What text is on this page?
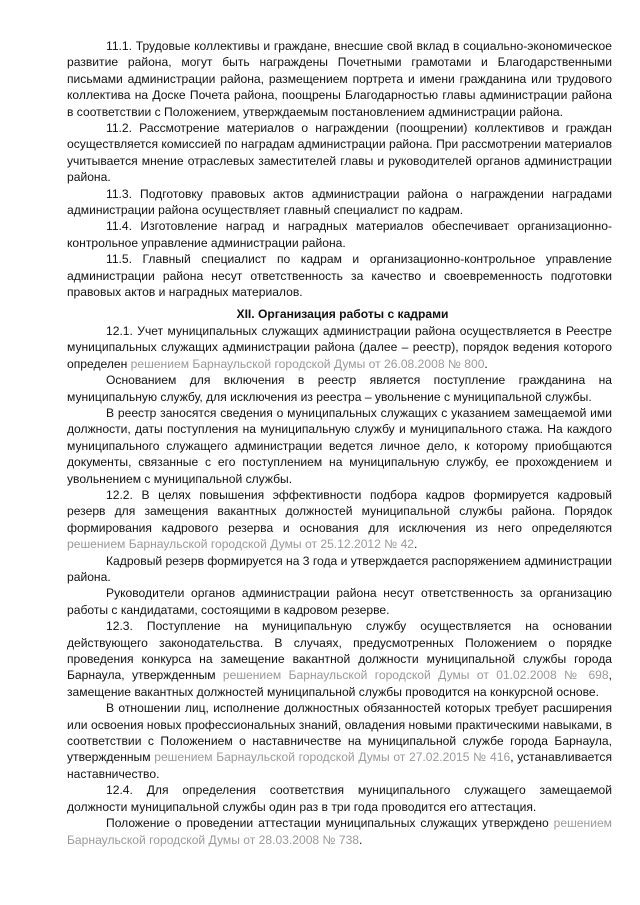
11.1. Трудовые коллективы и граждане, внесшие свой вклад в социально-экономическое развитие района, могут быть награждены Почетными грамотами и Благодарственными письмами администрации района, размещением портрета и имени гражданина или трудового коллектива на Доске Почета района, поощрены Благодарностью главы администрации района в соответствии с Положением, утверждаемым постановлением администрации района.

11.2. Рассмотрение материалов о награждении (поощрении) коллективов и граждан осуществляется комиссией по наградам администрации района. При рассмотрении материалов учитывается мнение отраслевых заместителей главы и руководителей органов администрации района.

11.3. Подготовку правовых актов администрации района о награждении наградами администрации района осуществляет главный специалист по кадрам.

11.4. Изготовление наград и наградных материалов обеспечивает организационно-контрольное управление администрации района.

11.5. Главный специалист по кадрам и организационно-контрольное управление администрации района несут ответственность за качество и своевременность подготовки правовых актов и наградных материалов.

XII. Организация работы с кадрами

12.1. Учет муниципальных служащих администрации района осуществляется в Реестре муниципальных служащих администрации района (далее – реестр), порядок ведения которого определен решением Барнаульской городской Думы от 26.08.2008 № 800.

Основанием для включения в реестр является поступление гражданина на муниципальную службу, для исключения из реестра – увольнение с муниципальной службы.

В реестр заносятся сведения о муниципальных служащих с указанием замещаемой ими должности, даты поступления на муниципальную службу и муниципального стажа. На каждого муниципального служащего администрации ведется личное дело, к которому приобщаются документы, связанные с его поступлением на муниципальную службу, ее прохождением и увольнением с муниципальной службы.

12.2. В целях повышения эффективности подбора кадров формируется кадровый резерв для замещения вакантных должностей муниципальной службы района. Порядок формирования кадрового резерва и основания для исключения из него определяются решением Барнаульской городской Думы от 25.12.2012 № 42.

Кадровый резерв формируется на 3 года и утверждается распоряжением администрации района.

Руководители органов администрации района несут ответственность за организацию работы с кандидатами, состоящими в кадровом резерве.

12.3. Поступление на муниципальную службу осуществляется на основании действующего законодательства. В случаях, предусмотренных Положением о порядке проведения конкурса на замещение вакантной должности муниципальной службы города Барнаула, утвержденным решением Барнаульской городской Думы от 01.02.2008 № 698, замещение вакантных должностей муниципальной службы проводится на конкурсной основе.

В отношении лиц, исполнение должностных обязанностей которых требует расширения или освоения новых профессиональных знаний, овладения новыми практическими навыками, в соответствии с Положением о наставничестве на муниципальной службе города Барнаула, утвержденным решением Барнаульской городской Думы от 27.02.2015 № 416, устанавливается наставничество.

12.4. Для определения соответствия муниципального служащего замещаемой должности муниципальной службы один раз в три года проводится его аттестация.

Положение о проведении аттестации муниципальных служащих утверждено решением Барнаульской городской Думы от 28.03.2008 № 738.
